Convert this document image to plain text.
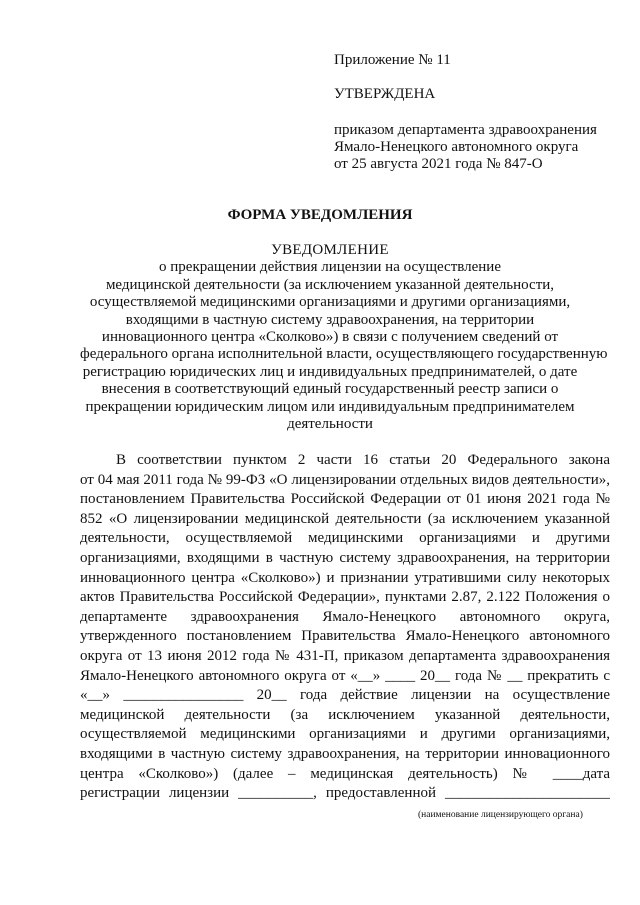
Приложение № 11
УТВЕРЖДЕНА
приказом департамента здравоохранения
Ямало-Ненецкого автономного округа
от 25 августа 2021 года № 847-О
ФОРМА УВЕДОМЛЕНИЯ
УВЕДОМЛЕНИЕ
о прекращении действия лицензии на осуществление
медицинской деятельности (за исключением указанной деятельности,
осуществляемой медицинскими организациями и другими организациями,
входящими в частную систему здравоохранения, на территории
инновационного центра «Сколково») в связи с получением сведений от
федерального органа исполнительной власти, осуществляющего государственную
регистрацию юридических лиц и индивидуальных предпринимателей, о дате
внесения в соответствующий единый государственный реестр записи о
прекращении юридическим лицом или индивидуальным предпринимателем
деятельности
В соответствии пунктом 2 части 16 статьи 20 Федерального закона
от 04 мая 2011 года № 99-ФЗ «О лицензировании отдельных видов деятельности»,
постановлением Правительства Российской Федерации от 01 июня 2021 года №
852 «О лицензировании медицинской деятельности (за исключением указанной
деятельности, осуществляемой медицинскими организациями и другими
организациями, входящими в частную систему здравоохранения, на территории
инновационного центра «Сколково») и признании утратившими силу некоторых
актов Правительства Российской Федерации», пунктами 2.87, 2.122 Положения о
департаменте здравоохранения Ямало-Ненецкого автономного округа,
утвержденного постановлением Правительства Ямало-Ненецкого автономного
округа от 13 июня 2012 года № 431-П, приказом департамента здравоохранения
Ямало-Ненецкого автономного округа от «__» ____ 20__ года № __ прекратить с
«__» ________________ 20__ года действие лицензии на осуществление
медицинской деятельности (за исключением указанной деятельности,
осуществляемой медицинскими организациями и другими организациями,
входящими в частную систему здравоохранения, на территории инновационного
центра «Сколково») (далее – медицинская деятельность) № ____дата
регистрации лицензии __________, предоставленной ______________________
(наименование лицензирующего органа)
